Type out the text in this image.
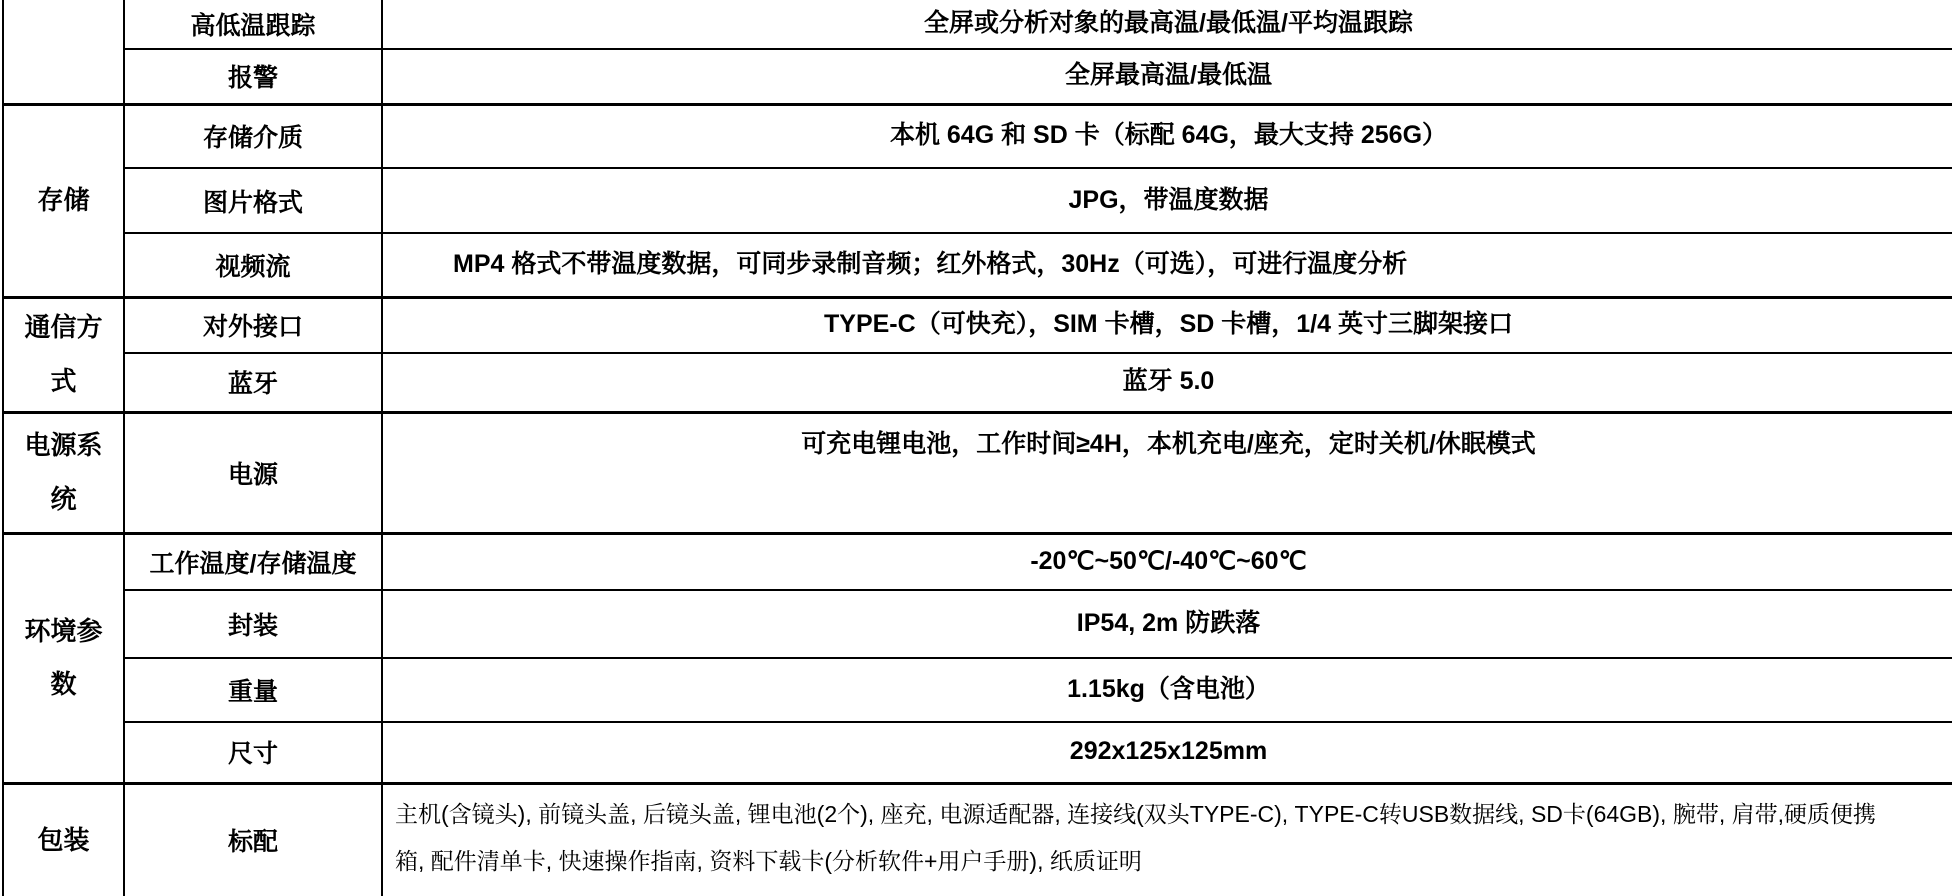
	高低温跟踪	全屏或分析对象的最高温/最低温/平均温跟踪
	报警	全屏最高温/最低温
存储	存储介质	本机 64G 和 SD 卡（标配 64G，最大支持 256G）
	图片格式	JPG，带温度数据
	视频流	MP4 格式不带温度数据，可同步录制音频；红外格式，30Hz（可选），可进行温度分析
通信方式	对外接口	TYPE-C（可快充），SIM 卡槽，SD 卡槽，1/4 英寸三脚架接口
	蓝牙	蓝牙 5.0
电源系统	电源	可充电锂电池，工作时间≥4H，本机充电/座充，定时关机/休眠模式
环境参数	工作温度/存储温度	-20℃~50℃/-40℃~60℃
	封装	IP54, 2m 防跌落
	重量	1.15kg（含电池）
	尺寸	292x125x125mm
包装	标配	主机(含镜头), 前镜头盖, 后镜头盖, 锂电池(2个), 座充, 电源适配器, 连接线(双头TYPE-C), TYPE-C转USB数据线, SD卡(64GB), 腕带, 肩带,硬质便携箱, 配件清单卡, 快速操作指南, 资料下载卡(分析软件+用户手册), 纸质证明
